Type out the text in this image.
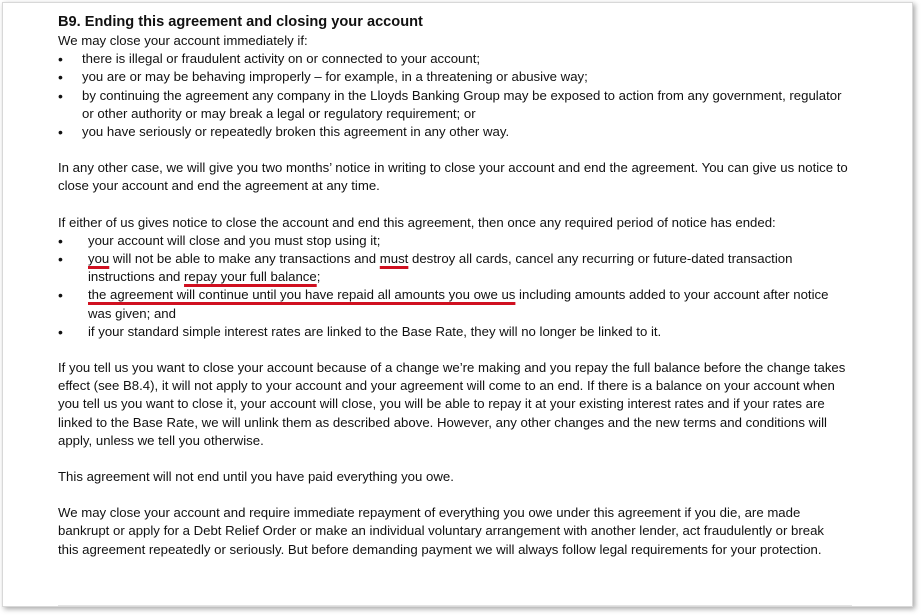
B9. Ending this agreement and closing your account

We may close your account immediately if:

• there is illegal or fraudulent activity on or connected to your account;
• you are or may be behaving improperly – for example, in a threatening or abusive way;
• by continuing the agreement any company in the Lloyds Banking Group may be exposed to action from any government, regulator or other authority or may break a legal or regulatory requirement; or
• you have seriously or repeatedly broken this agreement in any other way.

In any other case, we will give you two months’ notice in writing to close your account and end the agreement. You can give us notice to close your account and end the agreement at any time.

If either of us gives notice to close the account and end this agreement, then once any required period of notice has ended:

• your account will close and you must stop using it;
• you will not be able to make any transactions and must destroy all cards, cancel any recurring or future-dated transaction instructions and repay your full balance;
• the agreement will continue until you have repaid all amounts you owe us including amounts added to your account after notice was given; and
• if your standard simple interest rates are linked to the Base Rate, they will no longer be linked to it.

If you tell us you want to close your account because of a change we’re making and you repay the full balance before the change takes effect (see B8.4), it will not apply to your account and your agreement will come to an end. If there is a balance on your account when you tell us you want to close it, your account will close, you will be able to repay it at your existing interest rates and if your rates are linked to the Base Rate, we will unlink them as described above. However, any other changes and the new terms and conditions will apply, unless we tell you otherwise.

This agreement will not end until you have paid everything you owe.

We may close your account and require immediate repayment of everything you owe under this agreement if you die, are made bankrupt or apply for a Debt Relief Order or make an individual voluntary arrangement with another lender, act fraudulently or break this agreement repeatedly or seriously. But before demanding payment we will always follow legal requirements for your protection.
